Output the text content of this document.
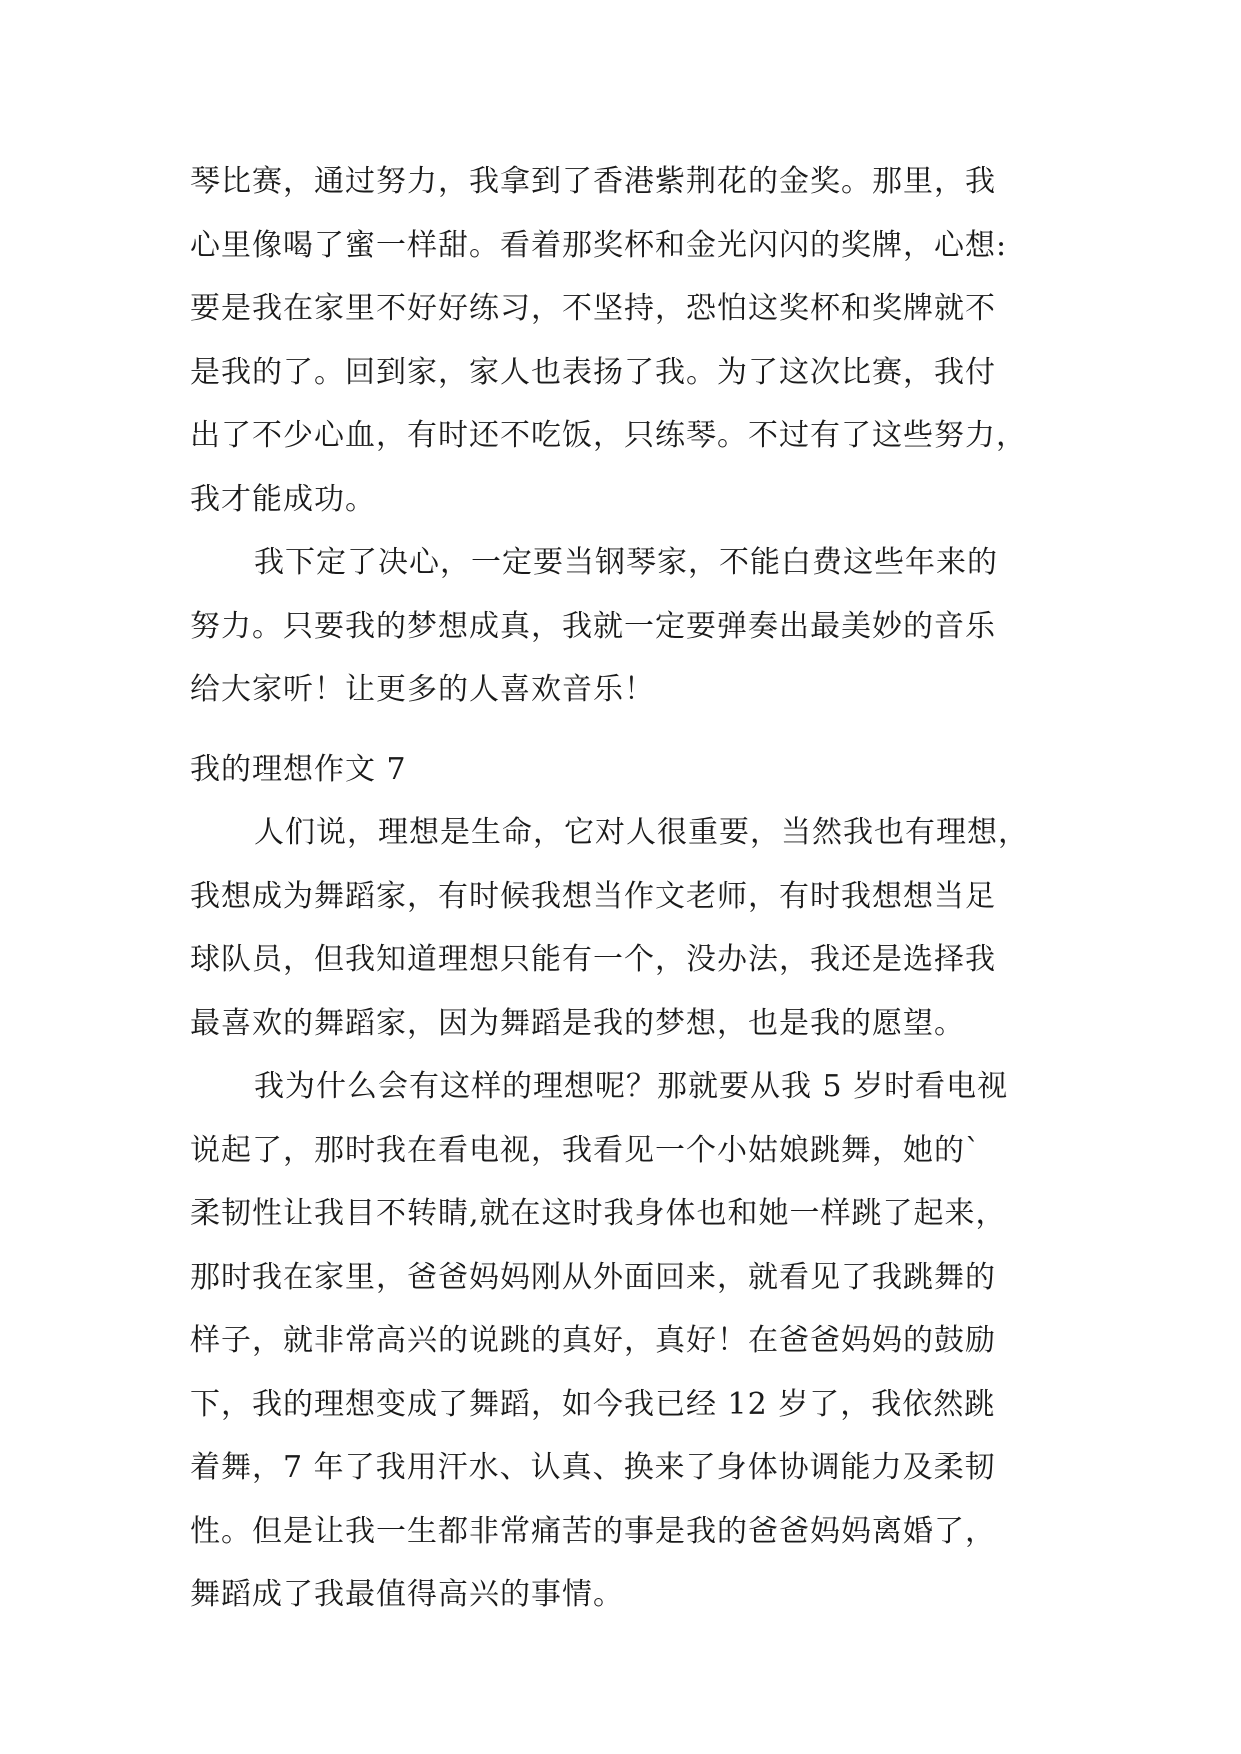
琴比赛，通过努力，我拿到了香港紫荆花的金奖。那里，我
心里像喝了蜜一样甜。看着那奖杯和金光闪闪的奖牌，心想:
要是我在家里不好好练习，不坚持，恐怕这奖杯和奖牌就不
是我的了。回到家，家人也表扬了我。为了这次比赛，我付
出了不少心血，有时还不吃饭，只练琴。不过有了这些努力，
我才能成功。
我下定了决心，一定要当钢琴家，不能白费这些年来的
努力。只要我的梦想成真，我就一定要弹奏出最美妙的音乐
给大家听！让更多的人喜欢音乐！
我的理想作文 7
人们说，理想是生命，它对人很重要，当然我也有理想，
我想成为舞蹈家，有时候我想当作文老师，有时我想想当足
球队员，但我知道理想只能有一个，没办法，我还是选择我
最喜欢的舞蹈家，因为舞蹈是我的梦想，也是我的愿望。
我为什么会有这样的理想呢？那就要从我 5 岁时看电视
说起了，那时我在看电视，我看见一个小姑娘跳舞，她的`
柔韧性让我目不转睛,就在这时我身体也和她一样跳了起来，
那时我在家里，爸爸妈妈刚从外面回来，就看见了我跳舞的
样子，就非常高兴的说跳的真好，真好！在爸爸妈妈的鼓励
下，我的理想变成了舞蹈，如今我已经 12 岁了，我依然跳
着舞，7 年了我用汗水、认真、换来了身体协调能力及柔韧
性。但是让我一生都非常痛苦的事是我的爸爸妈妈离婚了，
舞蹈成了我最值得高兴的事情。
